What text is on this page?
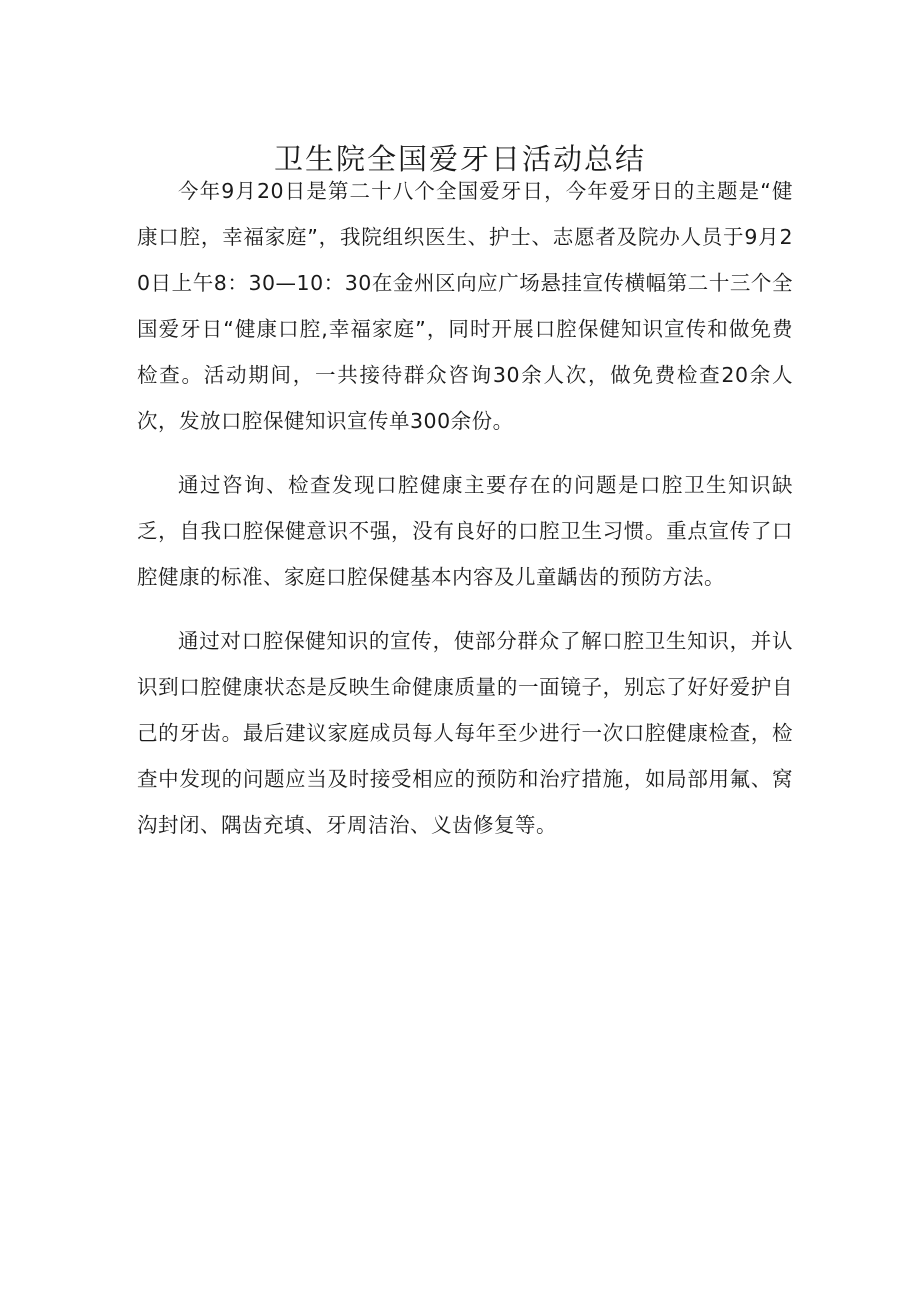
卫生院全国爱牙日活动总结

今年9月20日是第二十八个全国爱牙日，今年爱牙日的主题是“健康口腔，幸福家庭”，我院组织医生、护士、志愿者及院办人员于9月20日上午8：30—10：30在金州区向应广场悬挂宣传横幅第二十三个全国爱牙日“健康口腔,幸福家庭”，同时开展口腔保健知识宣传和做免费检查。活动期间，一共接待群众咨询30余人次，做免费检查20余人次，发放口腔保健知识宣传单300余份。

通过咨询、检查发现口腔健康主要存在的问题是口腔卫生知识缺乏，自我口腔保健意识不强，没有良好的口腔卫生习惯。重点宣传了口腔健康的标准、家庭口腔保健基本内容及儿童龋齿的预防方法。

通过对口腔保健知识的宣传，使部分群众了解口腔卫生知识，并认识到口腔健康状态是反映生命健康质量的一面镜子，别忘了好好爱护自己的牙齿。最后建议家庭成员每人每年至少进行一次口腔健康检查，检查中发现的问题应当及时接受相应的预防和治疗措施，如局部用氟、窝沟封闭、隅齿充填、牙周洁治、义齿修复等。
